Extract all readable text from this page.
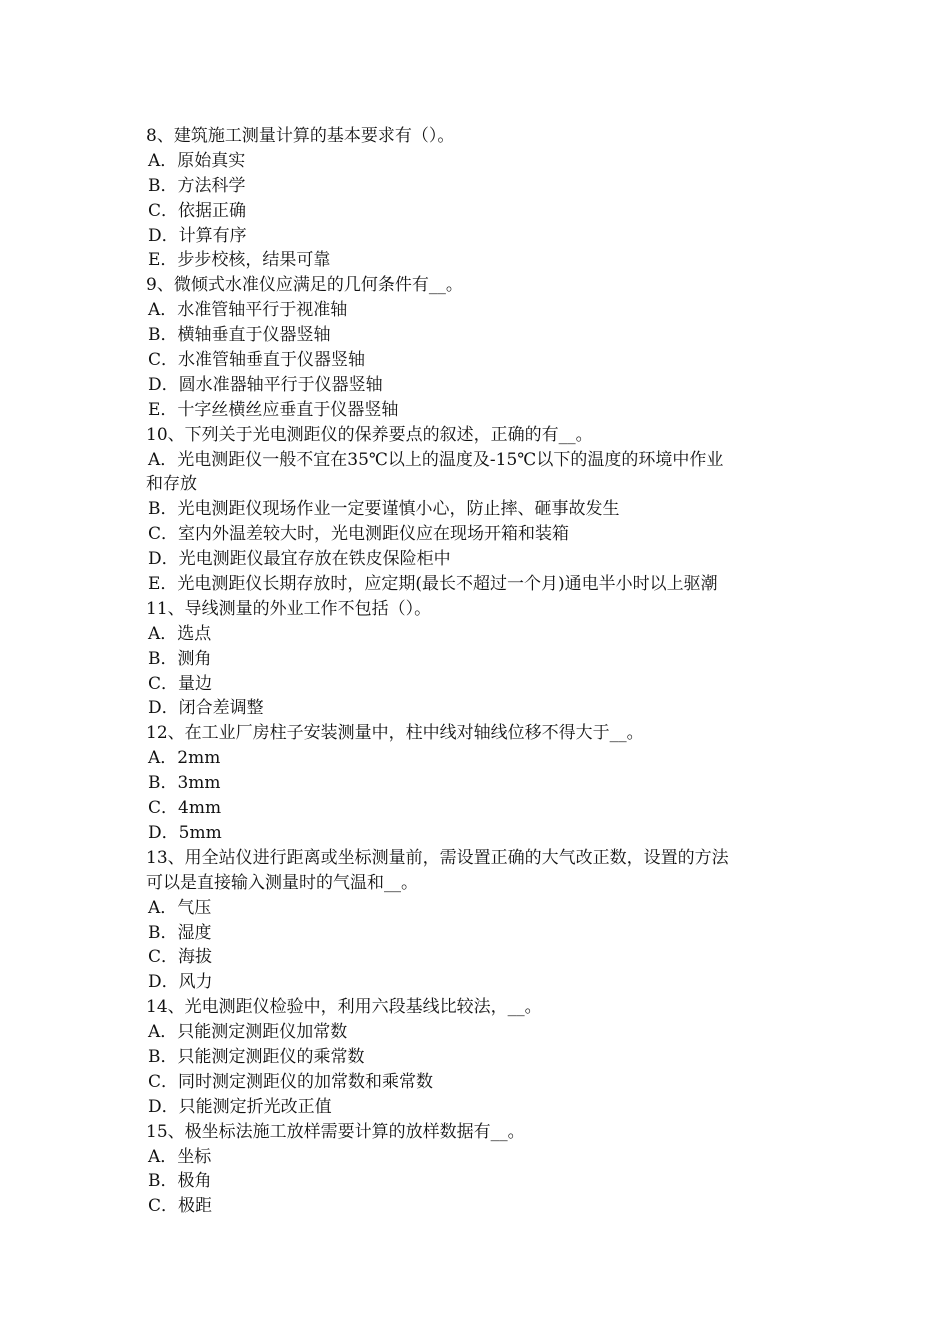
8、建筑施工测量计算的基本要求有（）。
A．原始真实
B．方法科学
C．依据正确
D．计算有序
E．步步校核，结果可靠
9、微倾式水准仪应满足的几何条件有__。
A．水准管轴平行于视准轴
B．横轴垂直于仪器竖轴
C．水准管轴垂直于仪器竖轴
D．圆水准器轴平行于仪器竖轴
E．十字丝横丝应垂直于仪器竖轴
10、下列关于光电测距仪的保养要点的叙述，正确的有__。
A．光电测距仪一般不宜在35℃以上的温度及-15℃以下的温度的环境中作业
和存放
B．光电测距仪现场作业一定要谨慎小心，防止摔、砸事故发生
C．室内外温差较大时，光电测距仪应在现场开箱和装箱
D．光电测距仪最宜存放在铁皮保险柜中
E．光电测距仪长期存放时，应定期(最长不超过一个月)通电半小时以上驱潮
11、导线测量的外业工作不包括（）。
A．选点
B．测角
C．量边
D．闭合差调整
12、在工业厂房柱子安装测量中，柱中线对轴线位移不得大于__。
A．2mm
B．3mm
C．4mm
D．5mm
13、用全站仪进行距离或坐标测量前，需设置正确的大气改正数，设置的方法
可以是直接输入测量时的气温和__。
A．气压
B．湿度
C．海拔
D．风力
14、光电测距仪检验中，利用六段基线比较法，__。
A．只能测定测距仪加常数
B．只能测定测距仪的乘常数
C．同时测定测距仪的加常数和乘常数
D．只能测定折光改正值
15、极坐标法施工放样需要计算的放样数据有__。
A．坐标
B．极角
C．极距
